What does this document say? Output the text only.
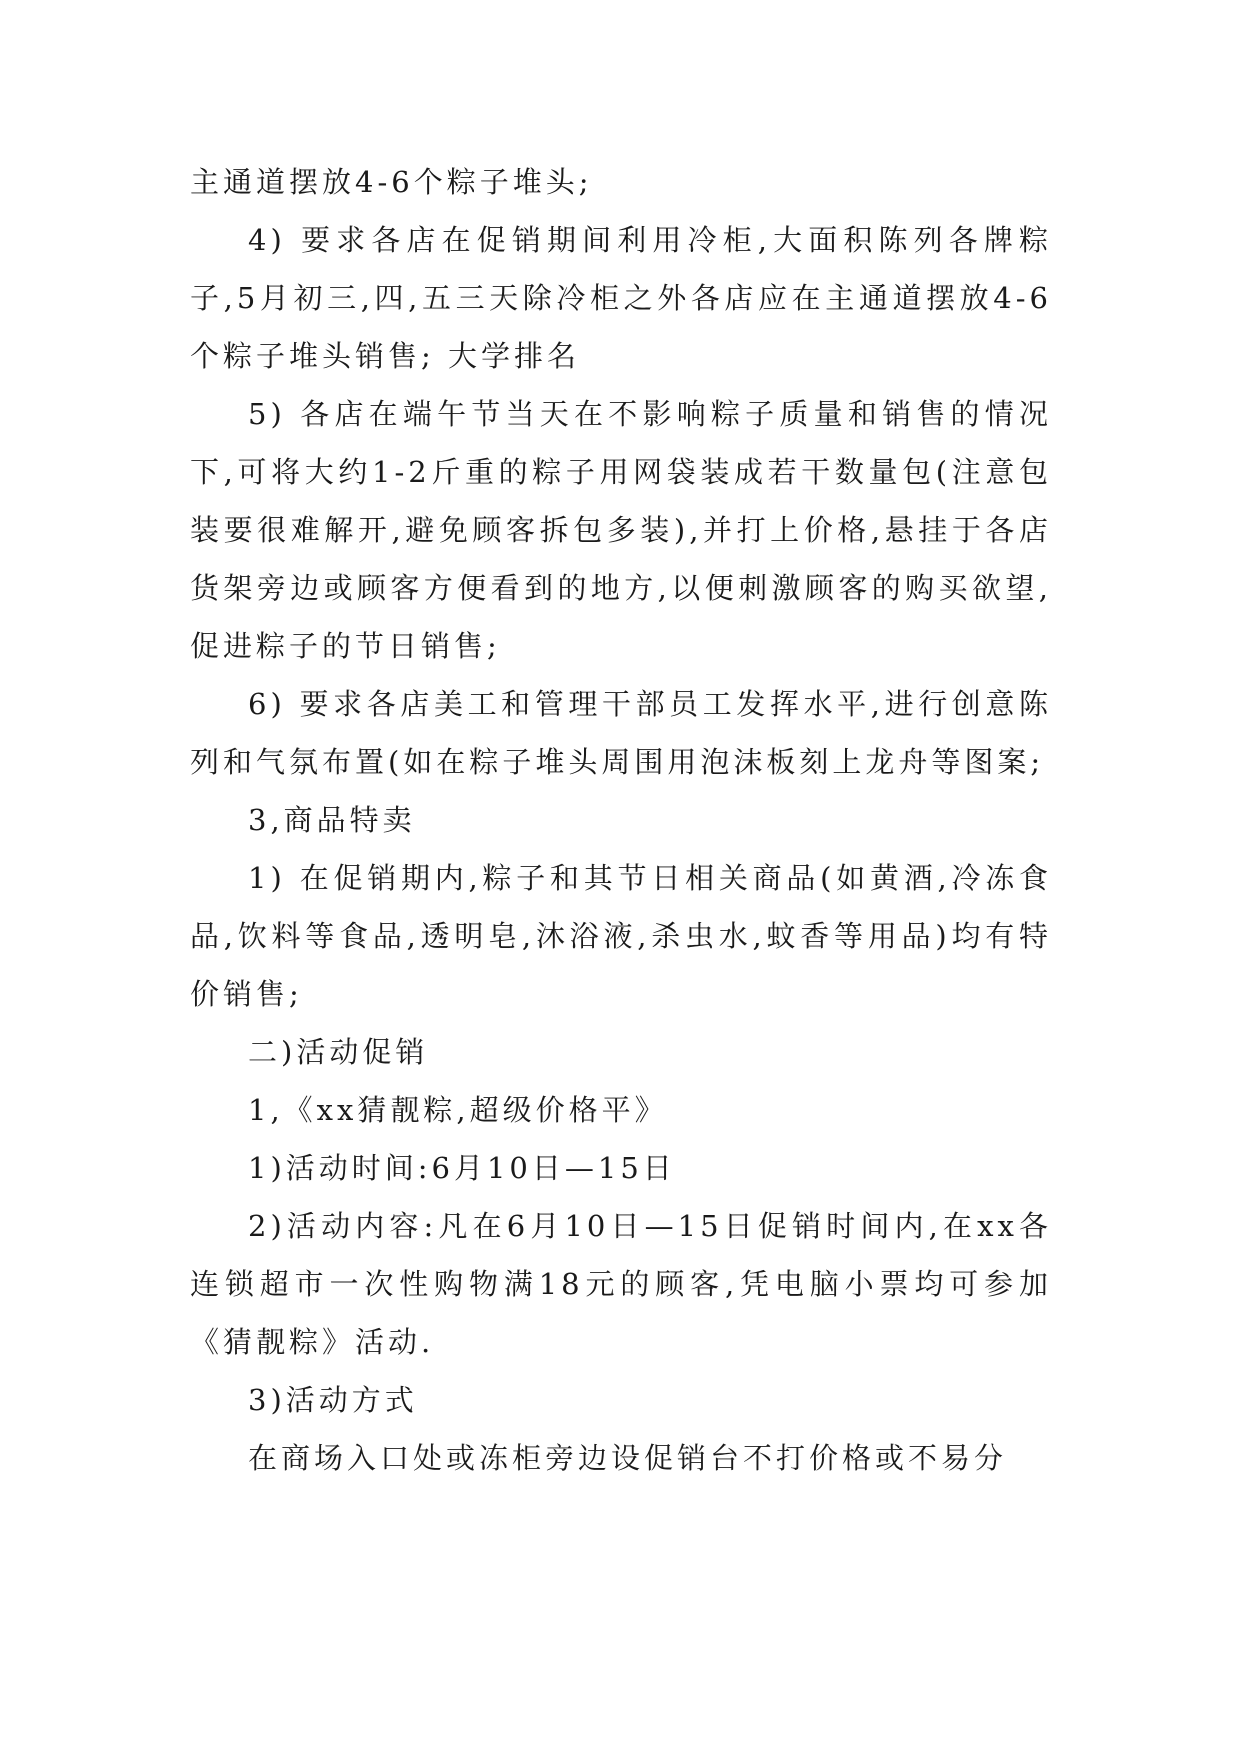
主通道摆放4-6个粽子堆头;

4) 要求各店在促销期间利用冷柜,大面积陈列各牌粽子,5月初三,四,五三天除冷柜之外各店应在主通道摆放4-6个粽子堆头销售; 大学排名

5) 各店在端午节当天在不影响粽子质量和销售的情况下,可将大约1-2斤重的粽子用网袋装成若干数量包(注意包装要很难解开,避免顾客拆包多装),并打上价格,悬挂于各店货架旁边或顾客方便看到的地方,以便刺激顾客的购买欲望,促进粽子的节日销售;

6) 要求各店美工和管理干部员工发挥水平,进行创意陈列和气氛布置(如在粽子堆头周围用泡沫板刻上龙舟等图案;

3,商品特卖

1) 在促销期内,粽子和其节日相关商品(如黄酒,冷冻食品,饮料等食品,透明皂,沐浴液,杀虫水,蚊香等用品)均有特价销售;

二)活动促销

1,《xx猜靓粽,超级价格平》

1)活动时间:6月10日—15日

2)活动内容:凡在6月10日—15日促销时间内,在xx各连锁超市一次性购物满18元的顾客,凭电脑小票均可参加《猜靓粽》活动.

3)活动方式

在商场入口处或冻柜旁边设促销台不打价格或不易分
